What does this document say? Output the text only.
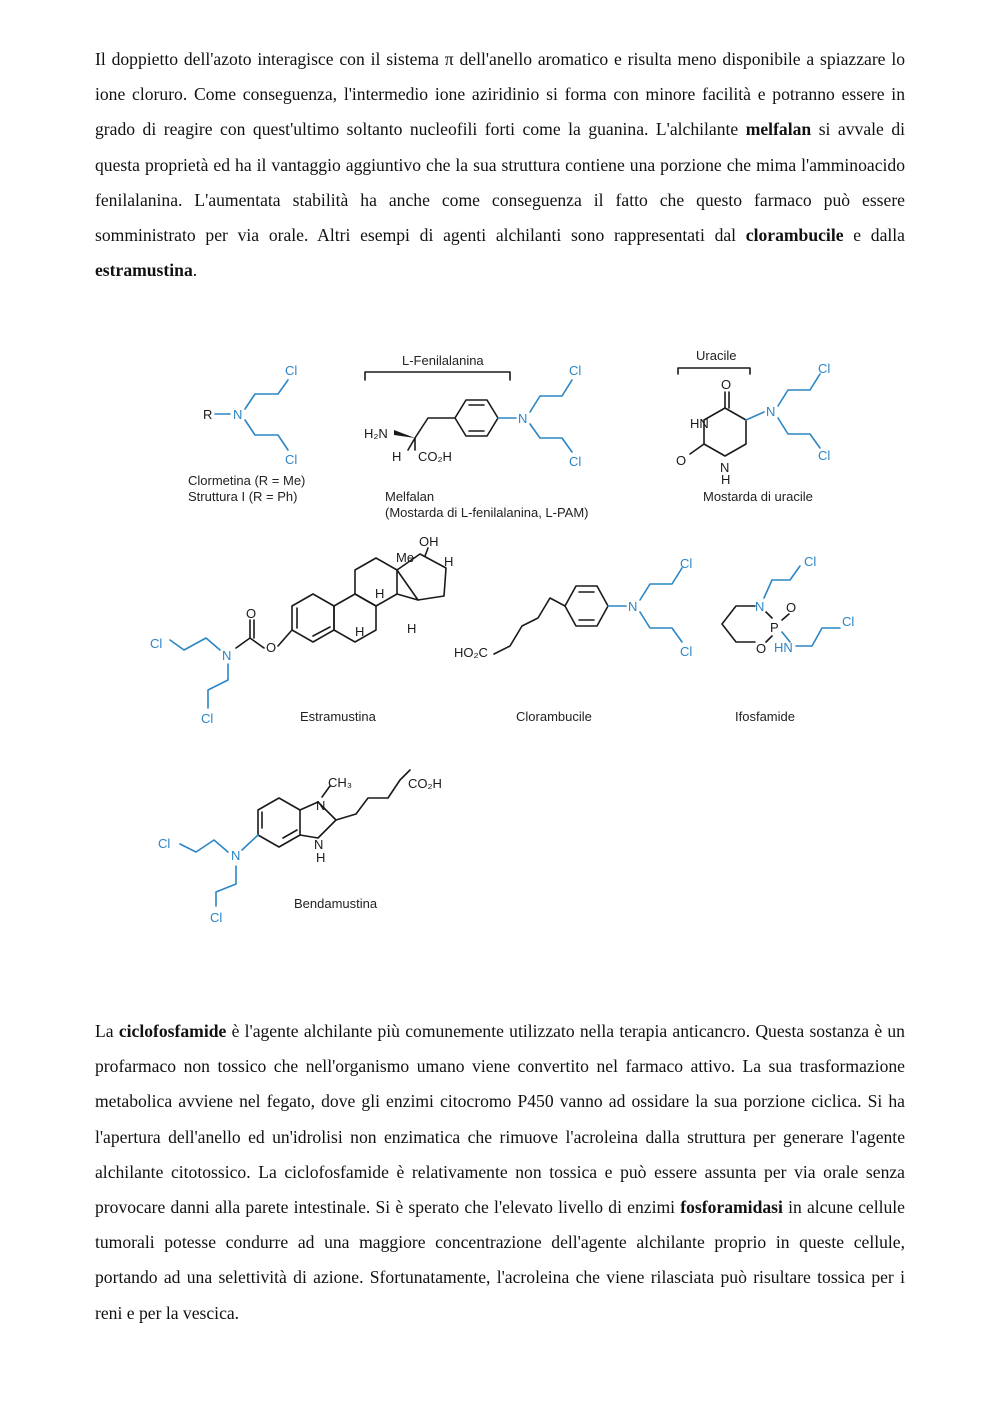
Il doppietto dell'azoto interagisce con il sistema π dell'anello aromatico e risulta meno disponibile a spiazzare lo ione cloruro. Come conseguenza, l'intermedio ione aziridinio si forma con minore facilità e potranno essere in grado di reagire con quest'ultimo soltanto nucleofili forti come la guanina. L'alchilante melfalan si avvale di questa proprietà ed ha il vantaggio aggiuntivo che la sua struttura contiene una porzione che mima l'amminoacido fenilalanina. L'aumentata stabilità ha anche come conseguenza il fatto che questo farmaco può essere somministrato per via orale. Altri esempi di agenti alchilanti sono rappresentati dal clorambucile e dalla estramustina.

R N
Cl
Cl
Clormetina (R = Me)
Struttura I (R = Ph)
L-Fenilalanina
H₂N
H CO₂H
N
Cl
Cl
Melfalan
(Mostarda di L-fenilalanina, L-PAM)
Uracile
O
HN
O	N
H
N
Cl
Cl
Mostarda di uracile
Me
OH
H
H
H	H
O
O
N
Cl
Cl	Estramustina
HO₂C
N
Cl
Cl
Clorambucile
N
O
P
O
HN
Cl
Cl
Ifosfamide
N
CH₃
N
H
CO₂H
N
Cl
Cl
Bendamustina

La ciclofosfamide è l'agente alchilante più comunemente utilizzato nella terapia anticancro. Questa sostanza è un profarmaco non tossico che nell'organismo umano viene convertito nel farmaco attivo. La sua trasformazione metabolica avviene nel fegato, dove gli enzimi citocromo P450 vanno ad ossidare la sua porzione ciclica. Si ha l'apertura dell'anello ed un'idrolisi non enzimatica che rimuove l'acroleina dalla struttura per generare l'agente alchilante citotossico. La ciclofosfamide è relativamente non tossica e può essere assunta per via orale senza provocare danni alla parete intestinale. Si è sperato che l'elevato livello di enzimi fosforamidasi in alcune cellule tumorali potesse condurre ad una maggiore concentrazione dell'agente alchilante proprio in queste cellule, portando ad una selettività di azione. Sfortunatamente, l'acroleina che viene rilasciata può risultare tossica per i reni e per la vescica.
